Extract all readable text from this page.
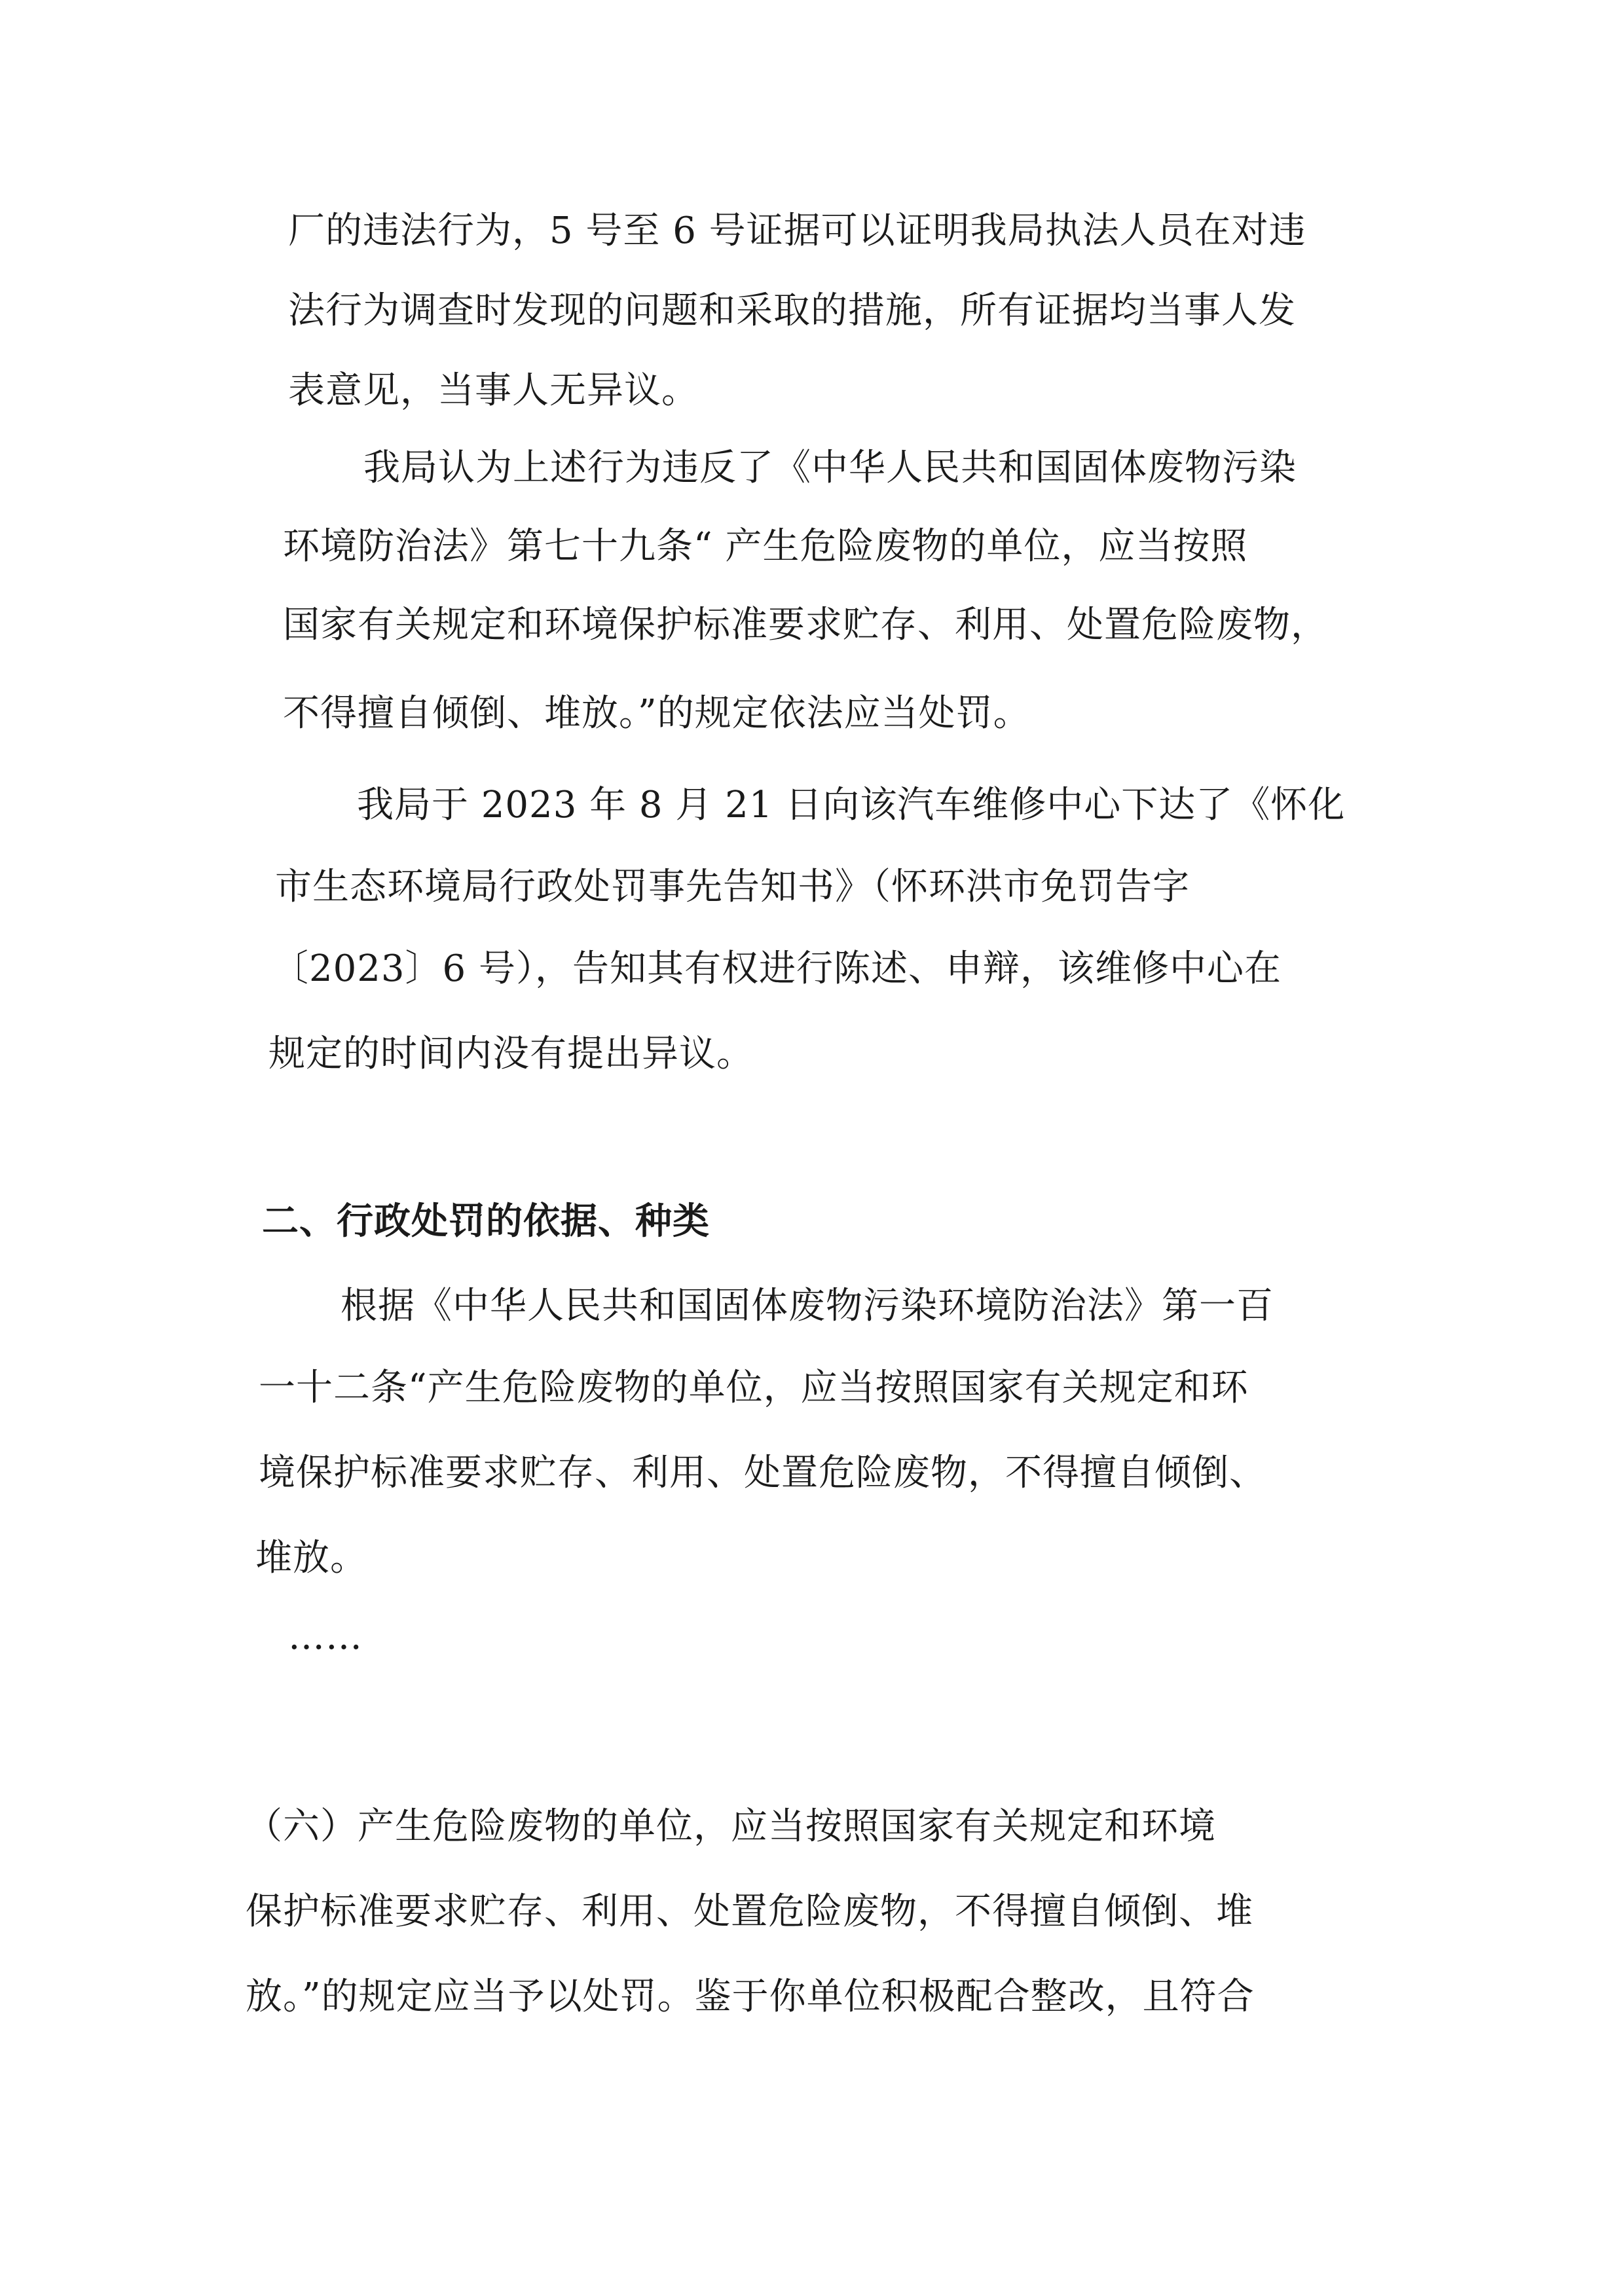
厂的违法行为，5 号至 6 号证据可以证明我局执法人员在对违
法行为调查时发现的问题和采取的措施，所有证据均当事人发
表意见，当事人无异议。
我局认为上述行为违反了《中华人民共和国固体废物污染
环境防治法》第七十九条“ 产生危险废物的单位，应当按照
国家有关规定和环境保护标准要求贮存、利用、处置危险废物，
不得擅自倾倒、堆放。”的规定依法应当处罚。
我局于 2023 年 8 月 21 日向该汽车维修中心下达了《怀化
市生态环境局行政处罚事先告知书》（怀环洪市免罚告字
〔2023〕6 号），告知其有权进行陈述、申辩，该维修中心在
规定的时间内没有提出异议。
二、行政处罚的依据、种类
根据《中华人民共和国固体废物污染环境防治法》第一百
一十二条“产生危险废物的单位，应当按照国家有关规定和环
境保护标准要求贮存、利用、处置危险废物，不得擅自倾倒、
堆放。
……
（六）产生危险废物的单位，应当按照国家有关规定和环境
保护标准要求贮存、利用、处置危险废物，不得擅自倾倒、堆
放。”的规定应当予以处罚。鉴于你单位积极配合整改，且符合
